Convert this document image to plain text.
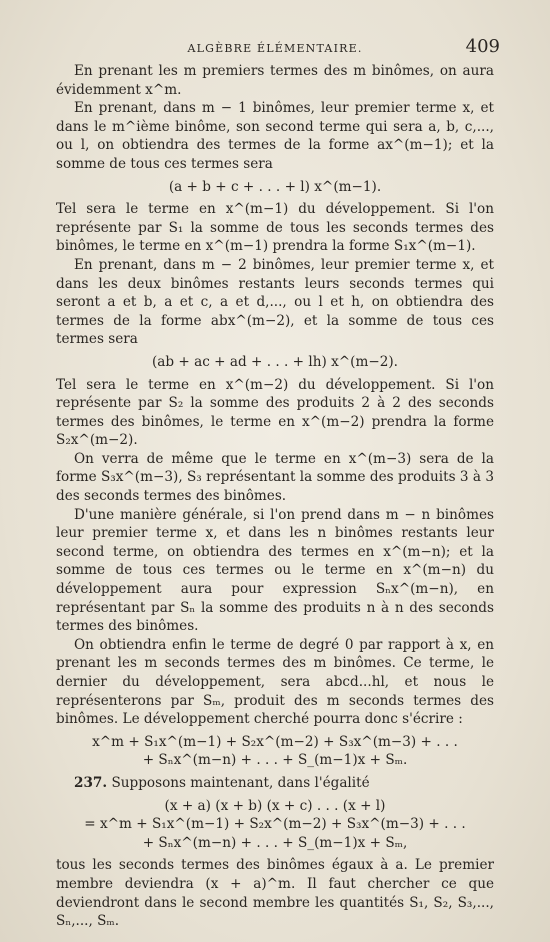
ALGÈBRE ÉLÉMENTAIRE.	409

En prenant les m premiers termes des m binômes, on aura évidemment x^m.

En prenant, dans m − 1 binômes, leur premier terme x, et dans le m^ième binôme, son second terme qui sera a, b, c,..., ou l, on obtiendra des termes de la forme ax^(m−1); et la somme de tous ces termes sera

(a + b + c + . . . + l) x^(m−1).

Tel sera le terme en x^(m−1) du développement. Si l'on représente par S₁ la somme de tous les seconds termes des binômes, le terme en x^(m−1) prendra la forme S₁x^(m−1).

En prenant, dans m − 2 binômes, leur premier terme x, et dans les deux binômes restants leurs seconds termes qui seront a et b, a et c, a et d,..., ou l et h, on obtiendra des termes de la forme abx^(m−2), et la somme de tous ces termes sera

(ab + ac + ad + . . . + lh) x^(m−2).

Tel sera le terme en x^(m−2) du développement. Si l'on représente par S₂ la somme des produits 2 à 2 des seconds termes des binômes, le terme en x^(m−2) prendra la forme S₂x^(m−2).

On verra de même que le terme en x^(m−3) sera de la forme S₃x^(m−3), S₃ représentant la somme des produits 3 à 3 des seconds termes des binômes.

D'une manière générale, si l'on prend dans m − n binômes leur premier terme x, et dans les n binômes restants leur second terme, on obtiendra des termes en x^(m−n); et la somme de tous ces termes ou le terme en x^(m−n) du développement aura pour expression Sₙx^(m−n), en représentant par Sₙ la somme des produits n à n des seconds termes des binômes.

On obtiendra enfin le terme de degré 0 par rapport à x, en prenant les m seconds termes des m binômes. Ce terme, le dernier du développement, sera abcd...hl, et nous le représenterons par Sₘ, produit des m seconds termes des binômes. Le développement cherché pourra donc s'écrire :

x^m + S₁x^(m−1) + S₂x^(m−2) + S₃x^(m−3) + . . .
+ Sₙx^(m−n) + . . . + S_(m−1)x + Sₘ.

237. Supposons maintenant, dans l'égalité

(x + a) (x + b) (x + c) . . . (x + l)
= x^m + S₁x^(m−1) + S₂x^(m−2) + S₃x^(m−3) + . . .
+ Sₙx^(m−n) + . . . + S_(m−1)x + Sₘ,

tous les seconds termes des binômes égaux à a. Le premier membre deviendra (x + a)^m. Il faut chercher ce que deviendront dans le second membre les quantités S₁, S₂, S₃,..., Sₙ,..., Sₘ.
